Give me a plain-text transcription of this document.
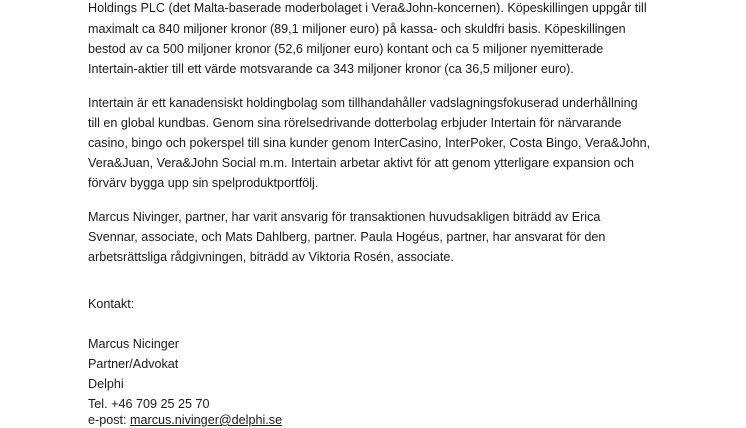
Holdings PLC (det Malta-baserade moderbolaget i Vera&John-koncernen). Köpeskillingen uppgår till
maximalt ca 840 miljoner kronor (89,1 miljoner euro) på kassa- och skuldfri basis. Köpeskillingen
bestod av ca 500 miljoner kronor (52,6 miljoner euro) kontant och ca 5 miljoner nyemitterade
Intertain-aktier till ett värde motsvarande ca 343 miljoner kronor (ca 36,5 miljoner euro).
Intertain är ett kanadensiskt holdingbolag som tillhandahåller vadslagningsfokuserad underhållning
till en global kundbas. Genom sina rörelsedrivande dotterbolag erbjuder Intertain för närvarande
casino, bingo och pokerspel till sina kunder genom InterCasino, InterPoker, Costa Bingo, Vera&John,
Vera&Juan, Vera&John Social m.m. Intertain arbetar aktivt för att genom ytterligare expansion och
förvärv bygga upp sin spelproduktportfölj.
Marcus Nivinger, partner, har varit ansvarig för transaktionen huvudsakligen biträdd av Erica
Svennar, associate, och Mats Dahlberg, partner. Paula Hogéus, partner, har ansvarat för den
arbetsrättsliga rådgivningen, biträdd av Viktoria Rosén, associate.
Kontakt:
Marcus Nicinger
Partner/Advokat
Delphi
Tel. +46 709 25 25 70
e-post: marcus.nivinger@delphi.se
